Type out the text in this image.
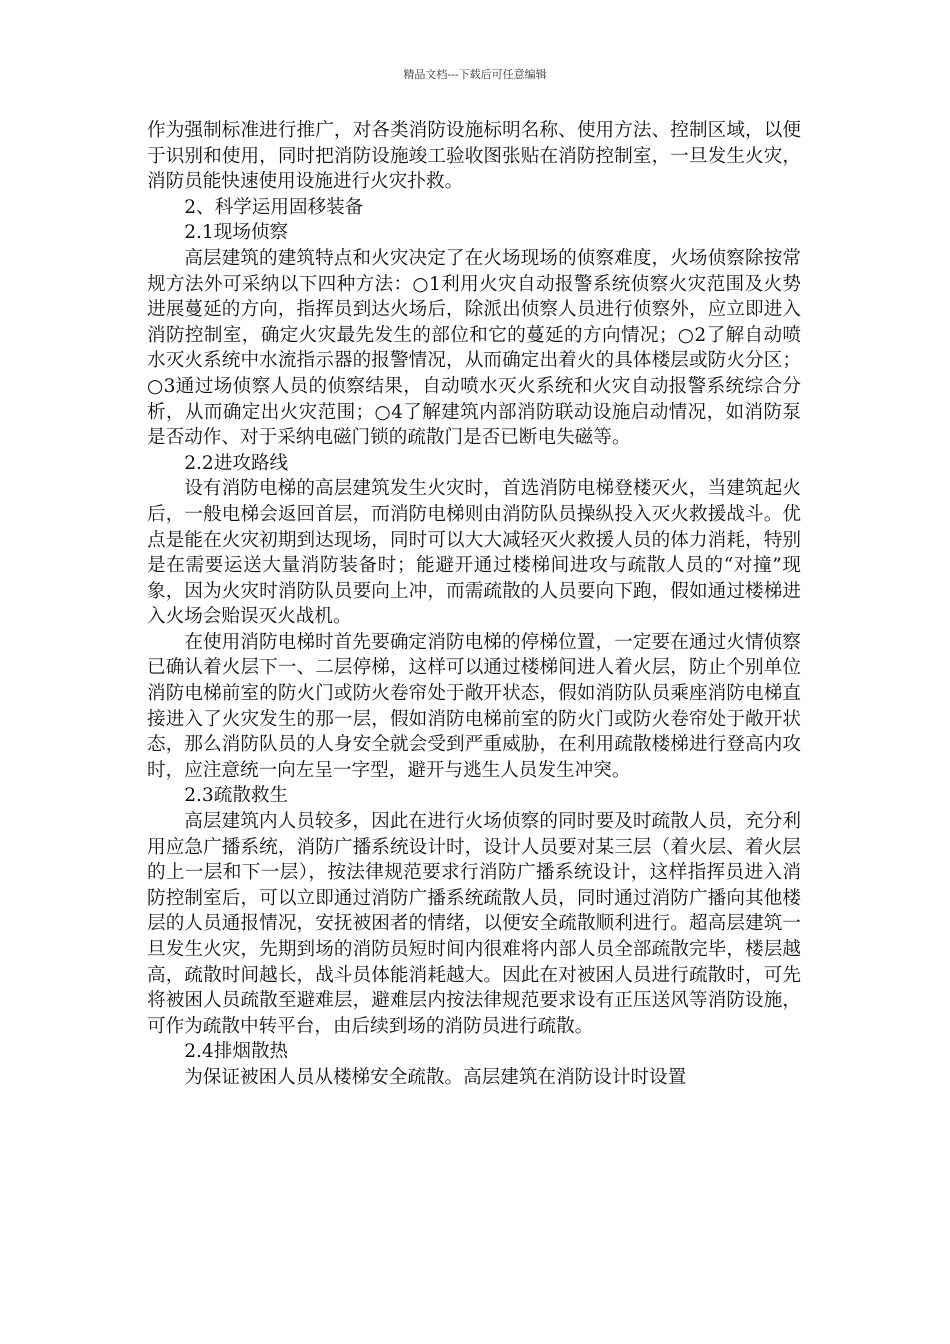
精品文档---下载后可任意编辑

作为强制标准进行推广，对各类消防设施标明名称、使用方法、控制区域，以便于识别和使用，同时把消防设施竣工验收图张贴在消防控制室，一旦发生火灾，消防员能快速使用设施进行火灾扑救。

2、科学运用固移装备

2.1现场侦察

高层建筑的建筑特点和火灾决定了在火场现场的侦察难度，火场侦察除按常规方法外可采纳以下四种方法：○1利用火灾自动报警系统侦察火灾范围及火势进展蔓延的方向，指挥员到达火场后，除派出侦察人员进行侦察外，应立即进入消防控制室，确定火灾最先发生的部位和它的蔓延的方向情况；○2了解自动喷水灭火系统中水流指示器的报警情况，从而确定出着火的具体楼层或防火分区；○3通过场侦察人员的侦察结果，自动喷水灭火系统和火灾自动报警系统综合分析，从而确定出火灾范围；○4了解建筑内部消防联动设施启动情况，如消防泵是否动作、对于采纳电磁门锁的疏散门是否已断电失磁等。

2.2进攻路线

设有消防电梯的高层建筑发生火灾时，首选消防电梯登楼灭火，当建筑起火后，一般电梯会返回首层，而消防电梯则由消防队员操纵投入灭火救援战斗。优点是能在火灾初期到达现场，同时可以大大减轻灭火救援人员的体力消耗，特别是在需要运送大量消防装备时；能避开通过楼梯间进攻与疏散人员的“对撞”现象，因为火灾时消防队员要向上冲，而需疏散的人员要向下跑，假如通过楼梯进入火场会贻误灭火战机。

在使用消防电梯时首先要确定消防电梯的停梯位置，一定要在通过火情侦察已确认着火层下一、二层停梯，这样可以通过楼梯间进人着火层，防止个别单位消防电梯前室的防火门或防火卷帘处于敞开状态，假如消防队员乘座消防电梯直接进入了火灾发生的那一层，假如消防电梯前室的防火门或防火卷帘处于敞开状态，那么消防队员的人身安全就会受到严重威胁，在利用疏散楼梯进行登高内攻时，应注意统一向左呈一字型，避开与逃生人员发生冲突。

2.3疏散救生

高层建筑内人员较多，因此在进行火场侦察的同时要及时疏散人员，充分利用应急广播系统，消防广播系统设计时，设计人员要对某三层（着火层、着火层的上一层和下一层），按法律规范要求行消防广播系统设计，这样指挥员进入消防控制室后，可以立即通过消防广播系统疏散人员，同时通过消防广播向其他楼层的人员通报情况，安抚被困者的情绪，以便安全疏散顺利进行。超高层建筑一旦发生火灾，先期到场的消防员短时间内很难将内部人员全部疏散完毕，楼层越高，疏散时间越长，战斗员体能消耗越大。因此在对被困人员进行疏散时，可先将被困人员疏散至避难层，避难层内按法律规范要求设有正压送风等消防设施，可作为疏散中转平台，由后续到场的消防员进行疏散。

2.4排烟散热

为保证被困人员从楼梯安全疏散。高层建筑在消防设计时设置
